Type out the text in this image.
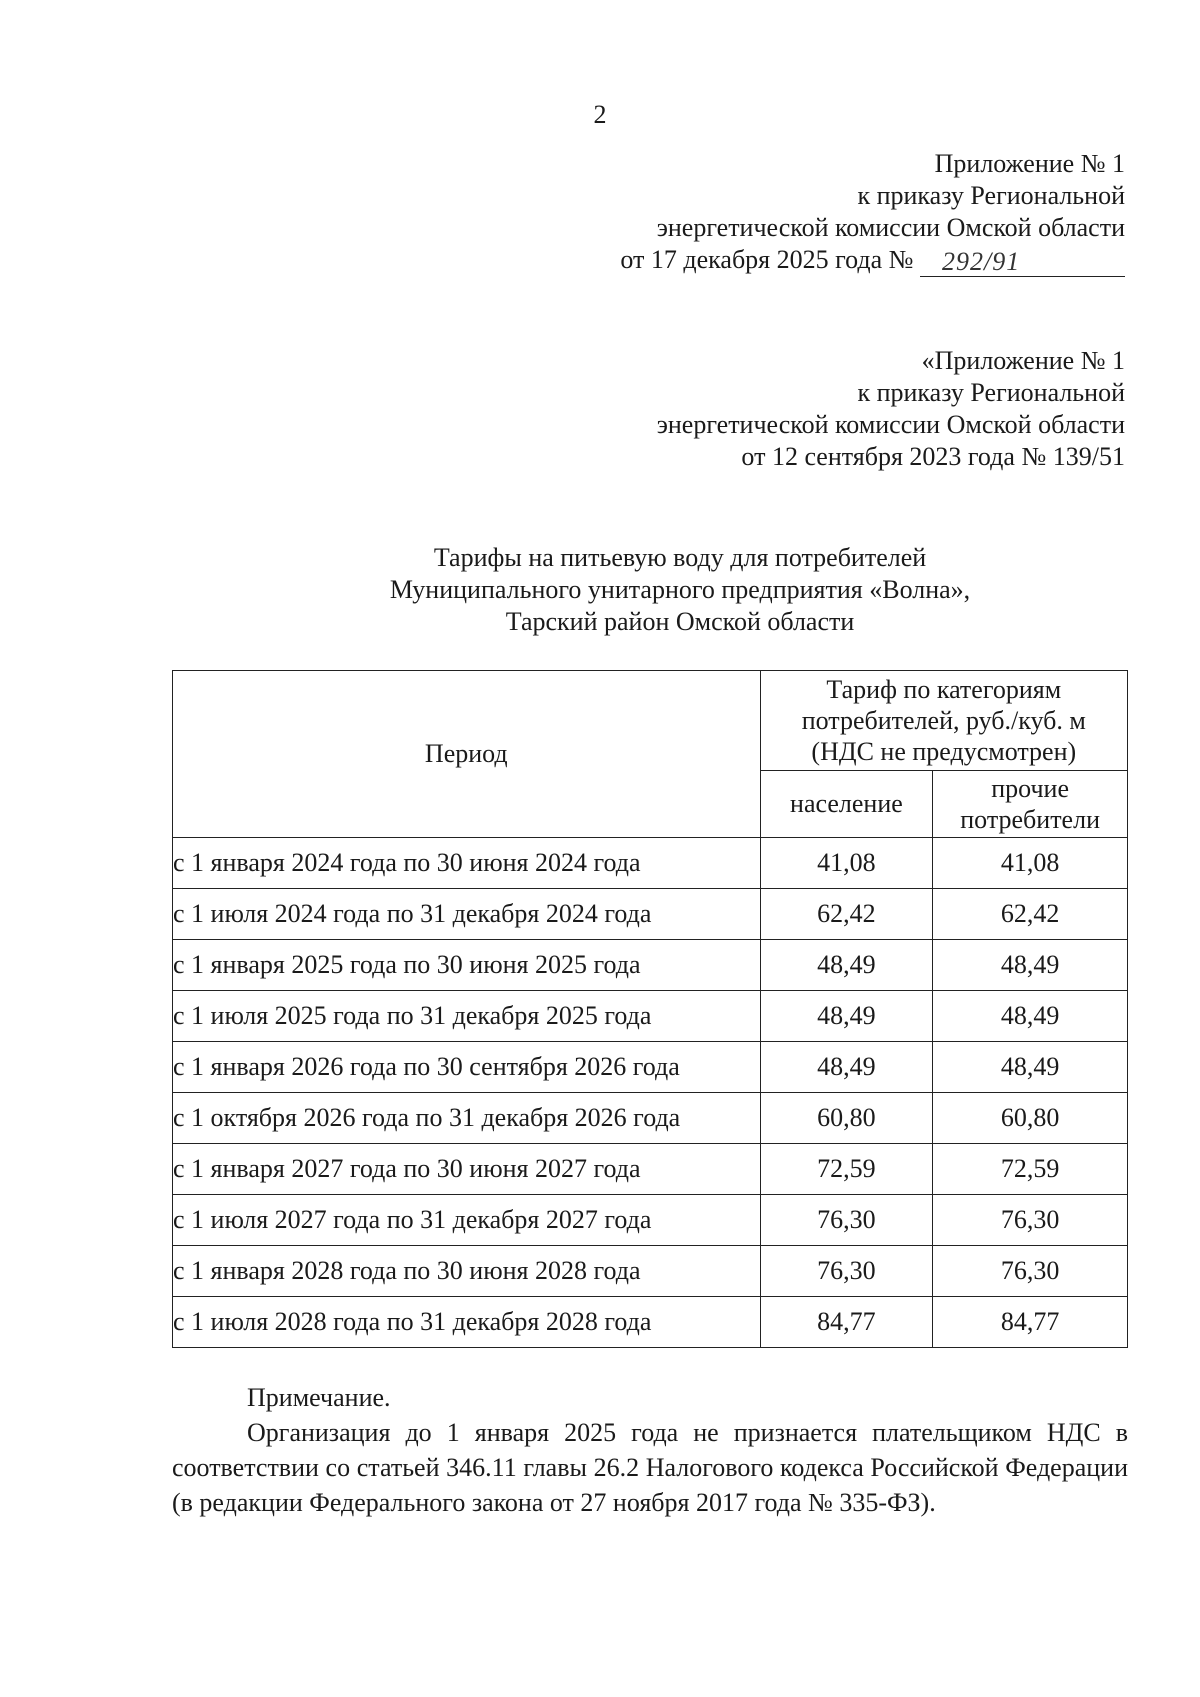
2
Приложение № 1
к приказу Региональной
энергетической комиссии Омской области
от 17 декабря 2025 года № 292/91
«Приложение № 1
к приказу Региональной
энергетической комиссии Омской области
от 12 сентября 2023 года № 139/51
Тарифы на питьевую воду для потребителей
Муниципального унитарного предприятия «Волна»,
Тарский район Омской области
Период	Тариф по категориям
потребителей, руб./куб. м
(НДС не предусмотрен)	
	население	прочие
потребители
с 1 января 2024 года по 30 июня 2024 года	41,08	41,08
с 1 июля 2024 года по 31 декабря 2024 года	62,42	62,42
с 1 января 2025 года по 30 июня 2025 года	48,49	48,49
с 1 июля 2025 года по 31 декабря 2025 года	48,49	48,49
с 1 января 2026 года по 30 сентября 2026 года	48,49	48,49
с 1 октября 2026 года по 31 декабря 2026 года	60,80	60,80
с 1 января 2027 года по 30 июня 2027 года	72,59	72,59
с 1 июля 2027 года по 31 декабря 2027 года	76,30	76,30
с 1 января 2028 года по 30 июня 2028 года	76,30	76,30
с 1 июля 2028 года по 31 декабря 2028 года	84,77	84,77
Примечание.
Организация до 1 января 2025 года не признается плательщиком НДС в соответствии со статьей 346.11 главы 26.2 Налогового кодекса Российской Федерации (в редакции Федерального закона от 27 ноября 2017 года № 335-ФЗ).
